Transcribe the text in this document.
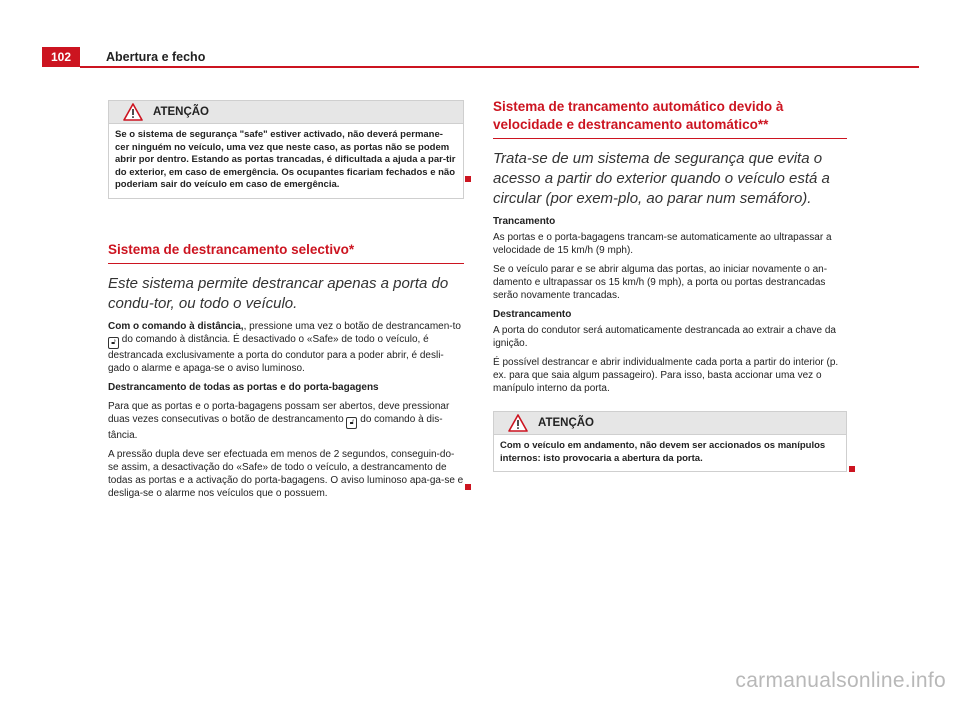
102	Abertura e fecho
ATENÇÃO
Se o sistema de segurança "safe" estiver activado, não deverá permane-cer ninguém no veículo, uma vez que neste caso, as portas não se podem abrir por dentro. Estando as portas trancadas, é dificultada a ajuda a par-tir do exterior, em caso de emergência. Os ocupantes ficariam fechados e não poderiam sair do veículo em caso de emergência.
Sistema de destrancamento selectivo*

Este sistema permite destrancar apenas a porta do condu-tor, ou todo o veículo.

Com o comando à distância,, pressione uma vez o botão de destrancamen-to 🔓︎ do comando à distância. É desactivado o «Safe» de todo o veículo, é destrancada exclusivamente a porta do condutor para a poder abrir, é desli-gado o alarme e apaga-se o aviso luminoso.

Destrancamento de todas as portas e do porta-bagagens

Para que as portas e o porta-bagagens possam ser abertos, deve pressionar duas vezes consecutivas o botão de destrancamento 🔓︎ do comando à dis-tância.

A pressão dupla deve ser efectuada em menos de 2 segundos, conseguin-do-se assim, a desactivação do «Safe» de todo o veículo, a destrancamento de todas as portas e a activação do porta-bagagens. O aviso luminoso apa-ga-se e desliga-se o alarme nos veículos que o possuem.

Sistema de trancamento automático devido à velocidade e destrancamento automático**

Trata-se de um sistema de segurança que evita o acesso a partir do exterior quando o veículo está a circular (por exem-plo, ao parar num semáforo).

Trancamento

As portas e o porta-bagagens trancam-se automaticamente ao ultrapassar a velocidade de 15 km/h (9 mph).

Se o veículo parar e se abrir alguma das portas, ao iniciar novamente o an-damento e ultrapassar os 15 km/h (9 mph), a porta ou portas destrancadas serão novamente trancadas.

Destrancamento

A porta do condutor será automaticamente destrancada ao extrair a chave da ignição.

É possível destrancar e abrir individualmente cada porta a partir do interior (p. ex. para que saia algum passageiro). Para isso, basta accionar uma vez o manípulo interno da porta.

ATENÇÃO
Com o veículo em andamento, não devem ser accionados os manípulos internos: isto provocaria a abertura da porta.
carmanualsonline.info
